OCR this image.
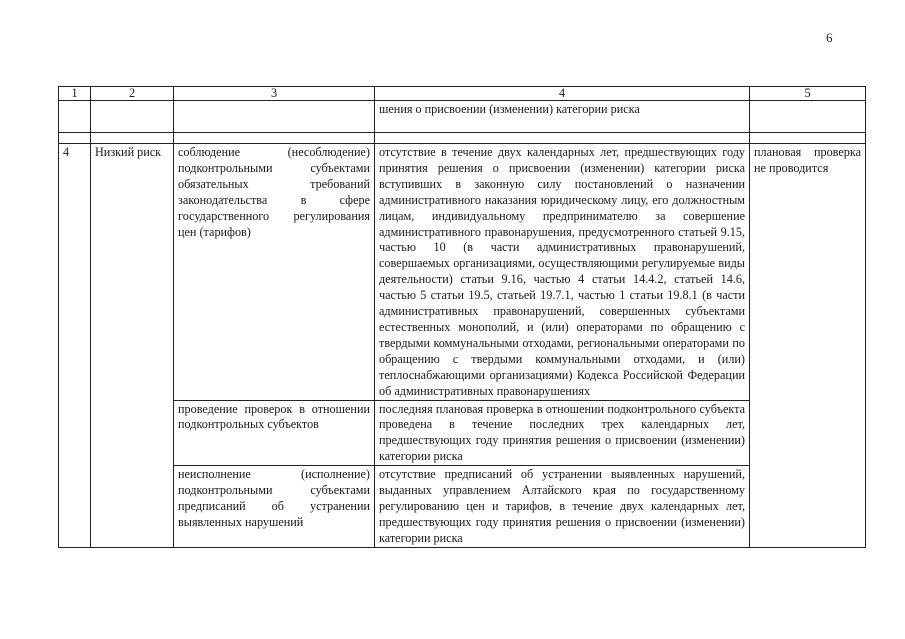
6
1	2	3	4	5
			шения о присвоении (изменении) категории риска	

4	Низкий риск	соблюдение (несоблюдение) подконтрольными субъектами обязательных требований законодательства в сфере государственного регулирования цен (тарифов)	отсутствие в течение двух календарных лет, предшествующих году принятия решения о присвоении (изменении) категории риска вступивших в законную силу постановлений о назначении административного наказания юридическому лицу, его должностным лицам, индивидуальному предпринимателю за совершение административного правонарушения, предусмотренного статьей 9.15, частью 10 (в части административных правонарушений, совершаемых организациями, осуществляющими регулируемые виды деятельности) статьи 9.16, частью 4 статьи 14.4.2, статьей 14.6, частью 5 статьи 19.5, статьей 19.7.1, частью 1 статьи 19.8.1 (в части административных правонарушений, совершенных субъектами естественных монополий, и (или) операторами по обращению с твердыми коммунальными отходами, региональными операторами по обращению с твердыми коммунальными отходами, и (или) теплоснабжающими организациями) Кодекса Российской Федерации об административных правонарушениях	плановая проверка не проводится
		проведение проверок в отношении подконтрольных субъектов	последняя плановая проверка в отношении подконтрольного субъекта проведена в течение последних трех календарных лет, предшествующих году принятия решения о присвоении (изменении) категории риска	
		неисполнение (исполнение) подконтрольными субъектами предписаний об устранении выявленных нарушений	отсутствие предписаний об устранении выявленных нарушений, выданных управлением Алтайского края по государственному регулированию цен и тарифов, в течение двух календарных лет, предшествующих году принятия решения о присвоении (изменении) категории риска	
